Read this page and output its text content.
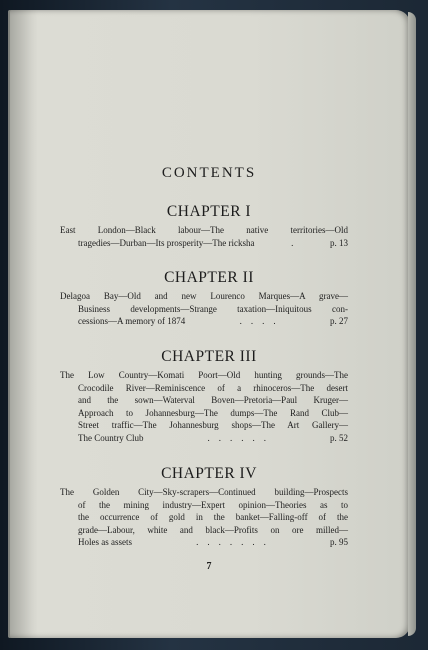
CONTENTS
CHAPTER I
East London—Black labour—The native territories—Old
tragedies—Durban—Its prosperity—The ricksha	.	p. 13
CHAPTER II
Delagoa Bay—Old and new Lourenco Marques—A grave—
Business developments—Strange taxation—Iniquitous con-
cessions—A memory of 1874	. . . .	p. 27
CHAPTER III
The Low Country—Komati Poort—Old hunting grounds—The
Crocodile River—Reminiscence of a rhinoceros—The desert
and the sown—Waterval Boven—Pretoria—Paul Kruger—
Approach to Johannesburg—The dumps—The Rand Club—
Street traffic—The Johannesburg shops—The Art Gallery—
The Country Club	. . . . . .	p. 52
CHAPTER IV
The Golden City—Sky-scrapers—Continued building—Prospects
of the mining industry—Expert opinion—Theories as to
the occurrence of gold in the banket—Falling-off of the
grade—Labour, white and black—Profits on ore milled—
Holes as assets	. . . . . . .	p. 95
7
